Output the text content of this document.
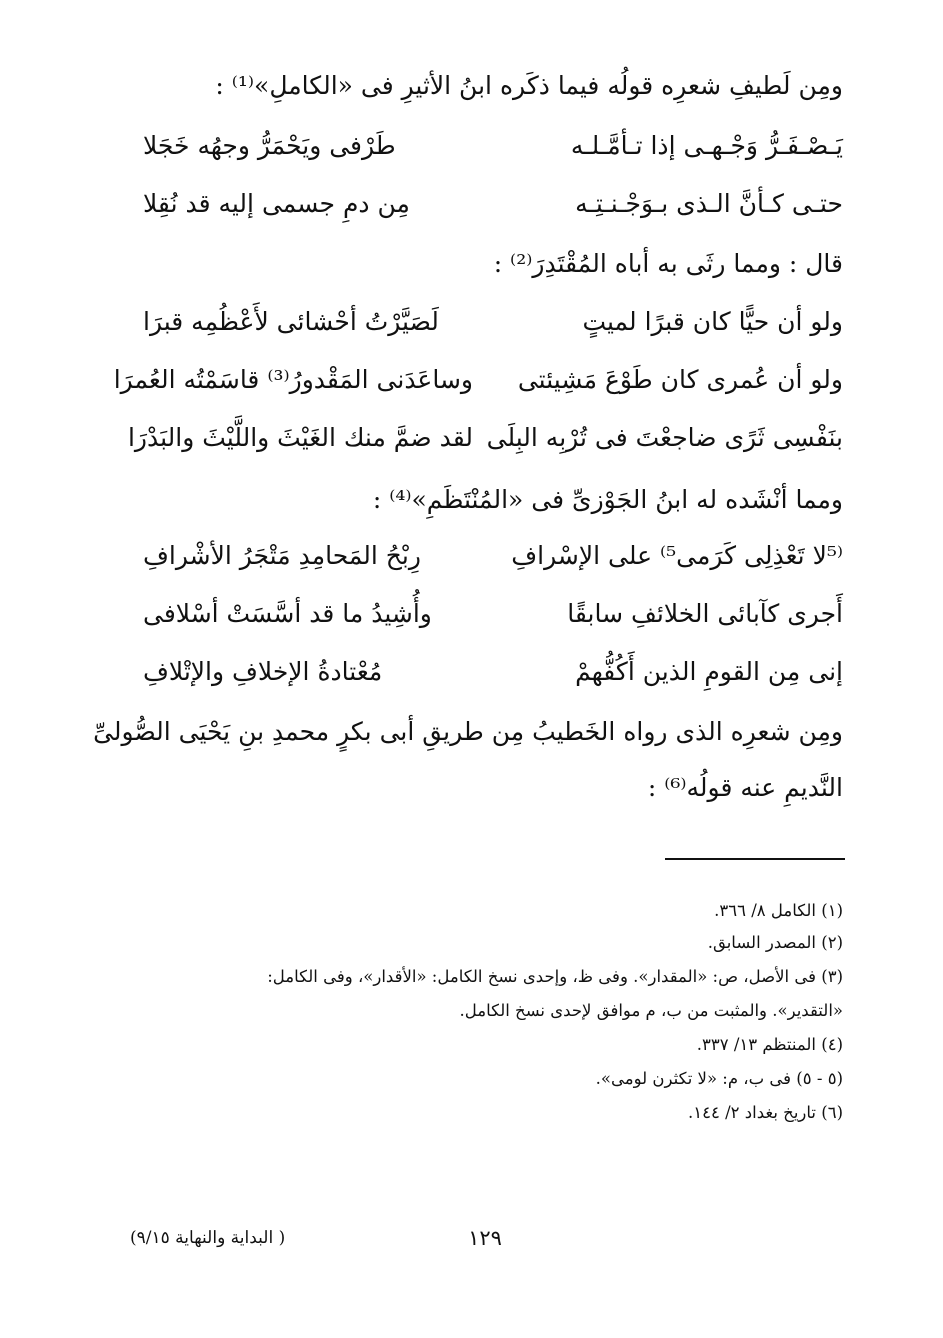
ومِن لَطيفِ شعرِه قولُه فيما ذكَره ابنُ الأثيرِ فى «الكاملِ»⁽¹⁾ :
يَـصْـفَـرُّ وَجْـهـى إذا تـأمَّـلـه
طَرْفى ويَحْمَرُّ وجهُه خَجَلا
حتـى كـأنَّ الـذى بـوَجْـنـتِـه
مِن دمِ جسمى إليه قد نُقِلا
قال : ومما رثَى به أباه المُقْتَدِرَ⁽²⁾ :
ولو أن حيًّا كان قبرًا لميتٍ
لَصَيَّرْتُ أحْشائى لأَعْظُمِه قبرَا
ولو أن عُمرى كان طَوْعَ مَشِيئتى
وساعَدَنى المَقْدورُ⁽³⁾ قاسَمْتُه العُمرَا
بنَفْسِى ثَرًى ضاجعْتَ فى تُرْبِه البِلَى
لقد ضمَّ منك الغَيْثَ واللَّيْثَ والبَدْرَا
ومما أنْشَده له ابنُ الجَوْزىِّ فى «المُنْتَظَمِ»⁽⁴⁾ :
⁽⁵لا تَعْذِلِى كَرَمى⁵⁾ على الإسْرافِ
رِبْحُ المَحامِدِ مَتْجَرُ الأشْرافِ
أَجرى كآبائى الخلائفِ سابقًا
وأُشِيدُ ما قد أسَّسَتْ أسْلافى
إنى مِن القومِ الذين أَكُفُّهمْ
مُعْتادةُ الإخلافِ والإتْلافِ
ومِن شعرِه الذى رواه الخَطيبُ مِن طريقِ أبى بكرٍ محمدِ بنِ يَحْيَى الصُّولىِّ
النَّديمِ عنه قولُه⁽⁶⁾ :
(١) الكامل ٨/ ٣٦٦.
(٢) المصدر السابق.
(٣) فى الأصل، ص: «المقدار». وفى ظ، وإحدى نسخ الكامل: «الأقدار»، وفى الكامل:
«التقدير». والمثبت من ب، م موافق لإحدى نسخ الكامل.
(٤) المنتظم ١٣/ ٣٣٧.
(٥ - ٥) فى ب، م: «لا تكثرن لومى».
(٦) تاريخ بغداد ٢/ ١٤٤.
١٢٩
( البداية والنهاية ٩/١٥)
